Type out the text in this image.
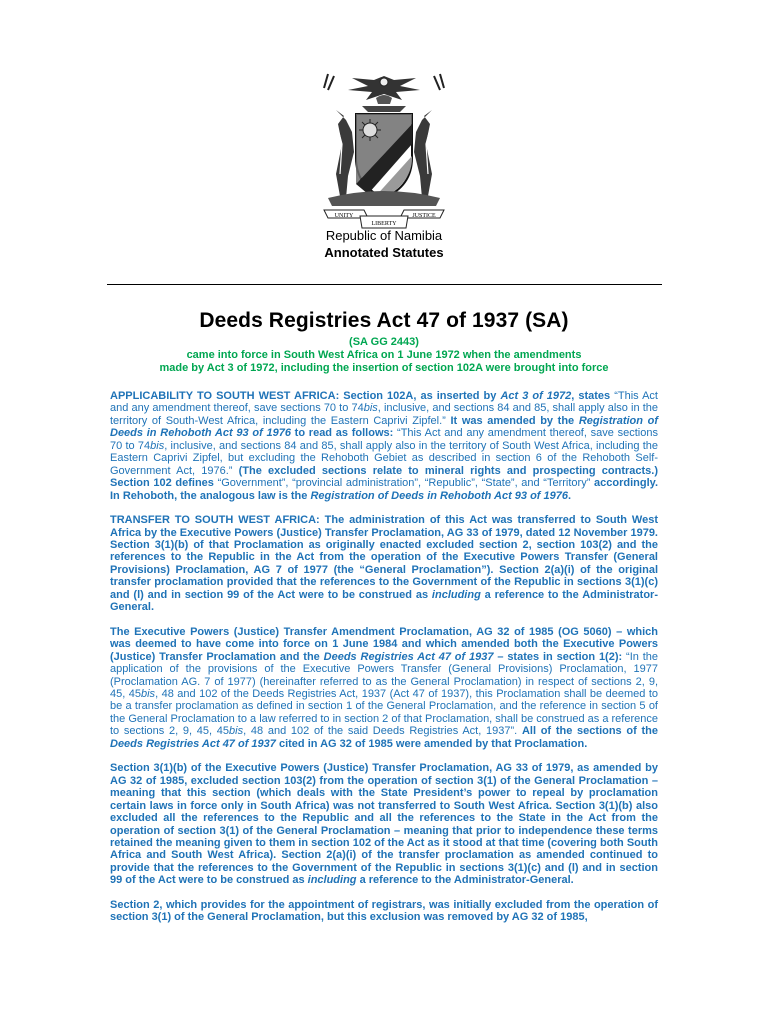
UNITY	JUSTICE
LIBERTY
Republic of Namibia
Annotated Statutes
Deeds Registries Act 47 of 1937 (SA)
(SA GG 2443)
came into force in South West Africa on 1 June 1972 when the amendments
made by Act 3 of 1972, including the insertion of section 102A were brought into force

APPLICABILITY TO SOUTH WEST AFRICA: Section 102A, as inserted by Act 3 of 1972, states “This Act and any amendment thereof, save sections 70 to 74bis, inclusive, and sections 84 and 85, shall apply also in the territory of South-West Africa, including the Eastern Caprivi Zipfel.” It was amended by the Registration of Deeds in Rehoboth Act 93 of 1976 to read as follows: “This Act and any amendment thereof, save sections 70 to 74bis, inclusive, and sections 84 and 85, shall apply also in the territory of South West Africa, including the Eastern Caprivi Zipfel, but excluding the Rehoboth Gebiet as described in section 6 of the Rehoboth Self-Government Act, 1976.” (The excluded sections relate to mineral rights and prospecting contracts.) Section 102 defines “Government”, “provincial administration”, “Republic”, “State”, and “Territory” accordingly. In Rehoboth, the analogous law is the Registration of Deeds in Rehoboth Act 93 of 1976.

TRANSFER TO SOUTH WEST AFRICA: The administration of this Act was transferred to South West Africa by the Executive Powers (Justice) Transfer Proclamation, AG 33 of 1979, dated 12 November 1979. Section 3(1)(b) of that Proclamation as originally enacted excluded section 2, section 103(2) and the references to the Republic in the Act from the operation of the Executive Powers Transfer (General Provisions) Proclamation, AG 7 of 1977 (the “General Proclamation”). Section 2(a)(i) of the original transfer proclamation provided that the references to the Government of the Republic in sections 3(1)(c) and (l) and in section 99 of the Act were to be construed as including a reference to the Administrator-General.

The Executive Powers (Justice) Transfer Amendment Proclamation, AG 32 of 1985 (OG 5060) – which was deemed to have come into force on 1 June 1984 and which amended both the Executive Powers (Justice) Transfer Proclamation and the Deeds Registries Act 47 of 1937 – states in section 1(2): “In the application of the provisions of the Executive Powers Transfer (General Provisions) Proclamation, 1977 (Proclamation AG. 7 of 1977) (hereinafter referred to as the General Proclamation) in respect of sections 2, 9, 45, 45bis, 48 and 102 of the Deeds Registries Act, 1937 (Act 47 of 1937), this Proclamation shall be deemed to be a transfer proclamation as defined in section 1 of the General Proclamation, and the reference in section 5 of the General Proclamation to a law referred to in section 2 of that Proclamation, shall be construed as a reference to sections 2, 9, 45, 45bis, 48 and 102 of the said Deeds Registries Act, 1937”. All of the sections of the Deeds Registries Act 47 of 1937 cited in AG 32 of 1985 were amended by that Proclamation.

Section 3(1)(b) of the Executive Powers (Justice) Transfer Proclamation, AG 33 of 1979, as amended by AG 32 of 1985, excluded section 103(2) from the operation of section 3(1) of the General Proclamation – meaning that this section (which deals with the State President’s power to repeal by proclamation certain laws in force only in South Africa) was not transferred to South West Africa. Section 3(1)(b) also excluded all the references to the Republic and all the references to the State in the Act from the operation of section 3(1) of the General Proclamation – meaning that prior to independence these terms retained the meaning given to them in section 102 of the Act as it stood at that time (covering both South Africa and South West Africa). Section 2(a)(i) of the transfer proclamation as amended continued to provide that the references to the Government of the Republic in sections 3(1)(c) and (l) and in section 99 of the Act were to be construed as including a reference to the Administrator-General.

Section 2, which provides for the appointment of registrars, was initially excluded from the operation of section 3(1) of the General Proclamation, but this exclusion was removed by AG 32 of 1985,
